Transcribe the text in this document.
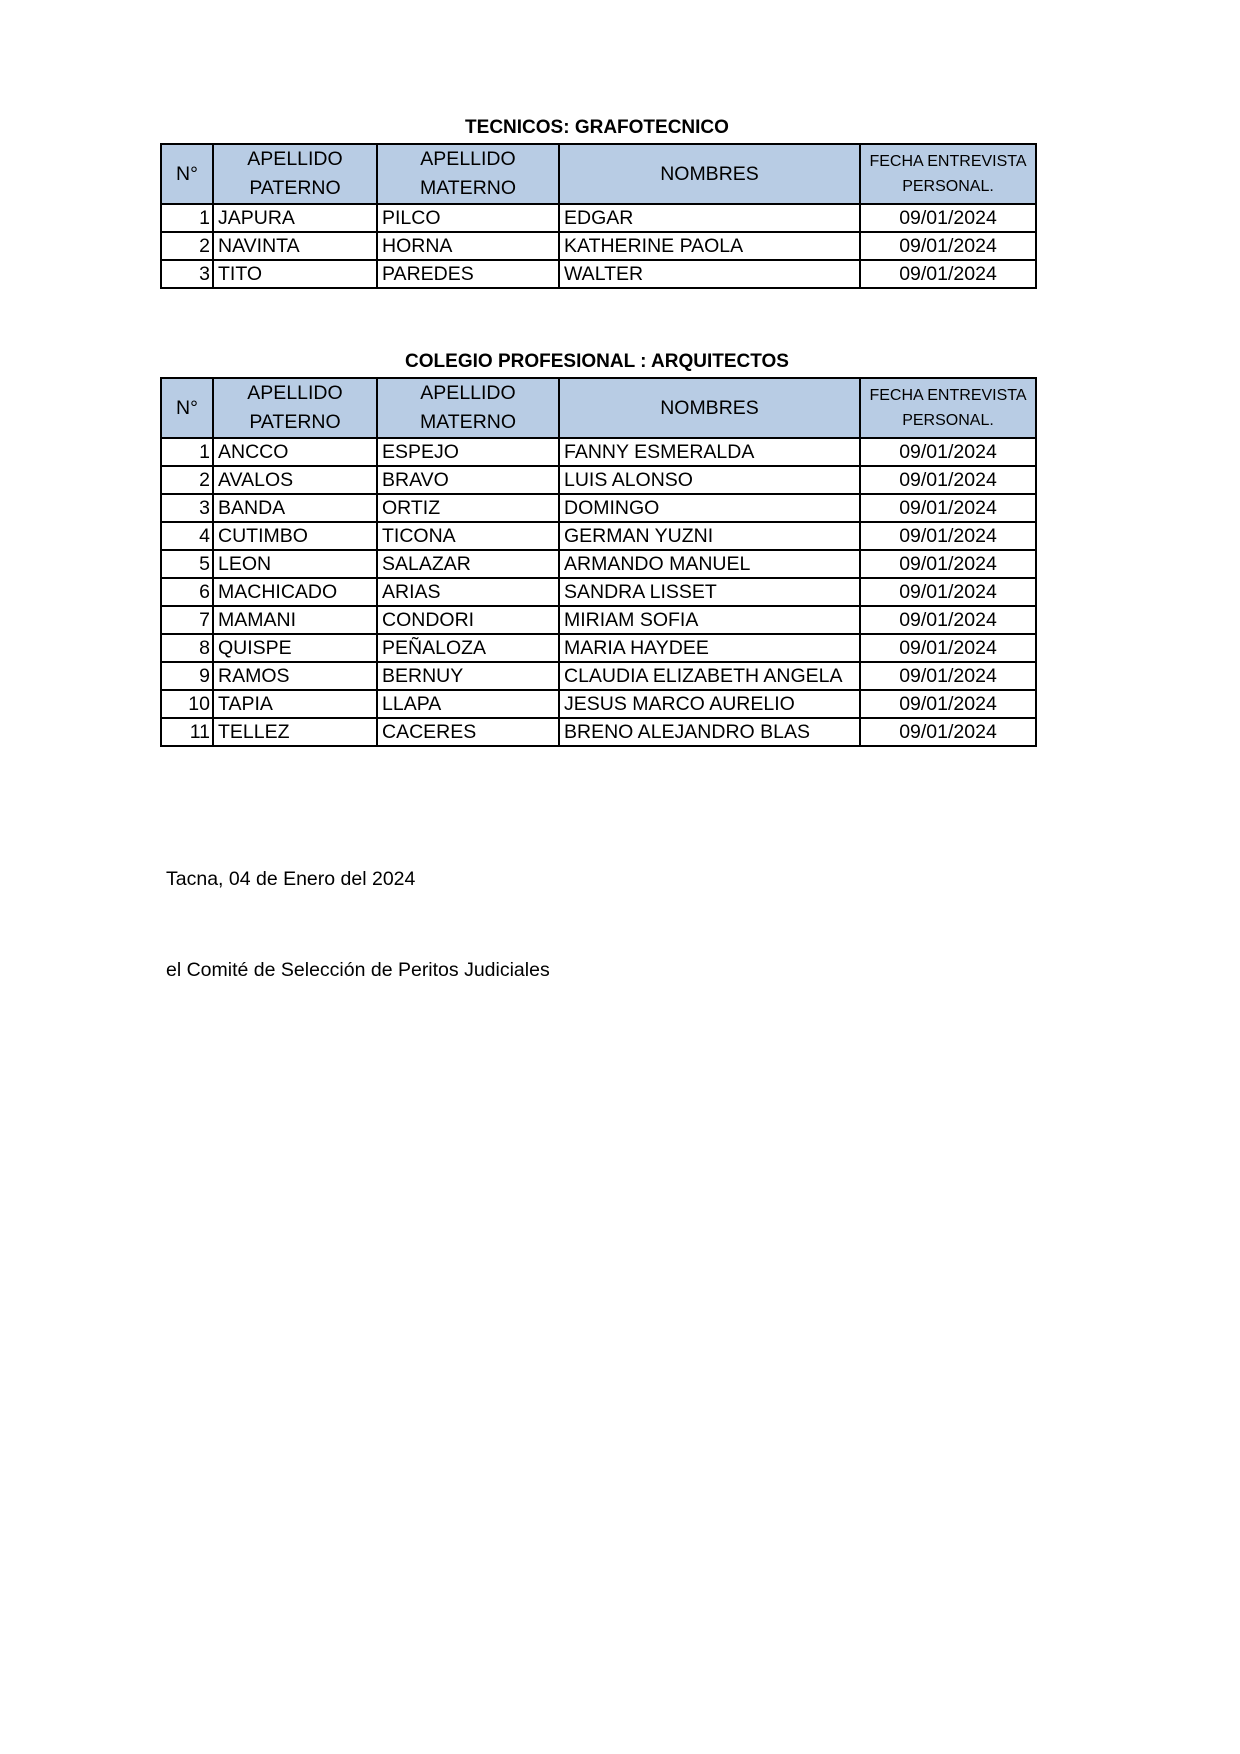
TECNICOS: GRAFOTECNICO
N°	APELLIDO PATERNO	APELLIDO MATERNO	NOMBRES	FECHA ENTREVISTA PERSONAL.
1	JAPURA	PILCO	EDGAR	09/01/2024
2	NAVINTA	HORNA	KATHERINE PAOLA	09/01/2024
3	TITO	PAREDES	WALTER	09/01/2024
COLEGIO PROFESIONAL : ARQUITECTOS
N°	APELLIDO PATERNO	APELLIDO MATERNO	NOMBRES	FECHA ENTREVISTA PERSONAL.
1	ANCCO	ESPEJO	FANNY ESMERALDA	09/01/2024
2	AVALOS	BRAVO	LUIS ALONSO	09/01/2024
3	BANDA	ORTIZ	DOMINGO	09/01/2024
4	CUTIMBO	TICONA	GERMAN YUZNI	09/01/2024
5	LEON	SALAZAR	ARMANDO MANUEL	09/01/2024
6	MACHICADO	ARIAS	SANDRA LISSET	09/01/2024
7	MAMANI	CONDORI	MIRIAM SOFIA	09/01/2024
8	QUISPE	PEÑALOZA	MARIA HAYDEE	09/01/2024
9	RAMOS	BERNUY	CLAUDIA ELIZABETH ANGELA	09/01/2024
10	TAPIA	LLAPA	JESUS MARCO AURELIO	09/01/2024
11	TELLEZ	CACERES	BRENO ALEJANDRO BLAS	09/01/2024
Tacna, 04 de Enero del 2024
el Comité de Selección de Peritos Judiciales
